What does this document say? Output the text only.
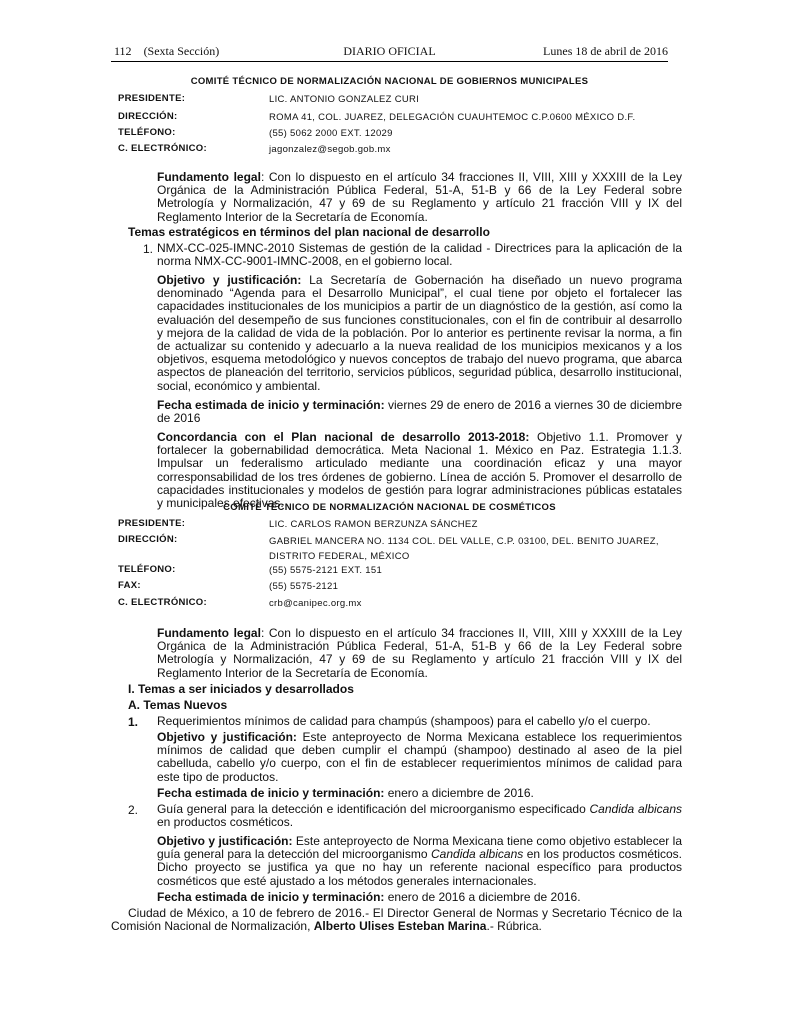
112 (Sexta Sección)	DIARIO OFICIAL	Lunes 18 de abril de 2016
COMITÉ TÉCNICO DE NORMALIZACIÓN NACIONAL DE GOBIERNOS MUNICIPALES
PRESIDENTE:	LIC. ANTONIO GONZALEZ CURI
DIRECCIÓN:	ROMA 41, COL. JUAREZ, DELEGACIÓN CUAUHTEMOC C.P.0600 MÉXICO D.F.
TELÉFONO:	(55) 5062 2000 EXT. 12029
C. ELECTRÓNICO:	jagonzalez@segob.gob.mx
Fundamento legal: Con lo dispuesto en el artículo 34 fracciones II, VIII, XIII y XXXIII de la Ley Orgánica de la Administración Pública Federal, 51-A, 51-B y 66 de la Ley Federal sobre Metrología y Normalización, 47 y 69 de su Reglamento y artículo 21 fracción VIII y IX del Reglamento Interior de la Secretaría de Economía.
Temas estratégicos en términos del plan nacional de desarrollo
1. NMX-CC-025-IMNC-2010 Sistemas de gestión de la calidad - Directrices para la aplicación de la norma NMX-CC-9001-IMNC-2008, en el gobierno local.
Objetivo y justificación: La Secretaría de Gobernación ha diseñado un nuevo programa denominado “Agenda para el Desarrollo Municipal”, el cual tiene por objeto el fortalecer las capacidades institucionales de los municipios a partir de un diagnóstico de la gestión, así como la evaluación del desempeño de sus funciones constitucionales, con el fin de contribuir al desarrollo y mejora de la calidad de vida de la población. Por lo anterior es pertinente revisar la norma, a fin de actualizar su contenido y adecuarlo a la nueva realidad de los municipios mexicanos y a los objetivos, esquema metodológico y nuevos conceptos de trabajo del nuevo programa, que abarca aspectos de planeación del territorio, servicios públicos, seguridad pública, desarrollo institucional, social, económico y ambiental.
Fecha estimada de inicio y terminación: viernes 29 de enero de 2016 a viernes 30 de diciembre de 2016
Concordancia con el Plan nacional de desarrollo 2013-2018: Objetivo 1.1. Promover y fortalecer la gobernabilidad democrática. Meta Nacional 1. México en Paz. Estrategia 1.1.3. Impulsar un federalismo articulado mediante una coordinación eficaz y una mayor corresponsabilidad de los tres órdenes de gobierno. Línea de acción 5. Promover el desarrollo de capacidades institucionales y modelos de gestión para lograr administraciones públicas estatales y municipales efectivas.
COMITÉ TÉCNICO DE NORMALIZACIÓN NACIONAL DE COSMÉTICOS
PRESIDENTE:	LIC. CARLOS RAMON BERZUNZA SÁNCHEZ
DIRECCIÓN:	GABRIEL MANCERA NO. 1134 COL. DEL VALLE, C.P. 03100, DEL. BENITO JUAREZ, DISTRITO FEDERAL, MÉXICO
TELÉFONO:	(55) 5575-2121 EXT. 151
FAX:	(55) 5575-2121
C. ELECTRÓNICO:	crb@canipec.org.mx
Fundamento legal: Con lo dispuesto en el artículo 34 fracciones II, VIII, XIII y XXXIII de la Ley Orgánica de la Administración Pública Federal, 51-A, 51-B y 66 de la Ley Federal sobre Metrología y Normalización, 47 y 69 de su Reglamento y artículo 21 fracción VIII y IX del Reglamento Interior de la Secretaría de Economía.
I. Temas a ser iniciados y desarrollados
A. Temas Nuevos
1. Requerimientos mínimos de calidad para champús (shampoos) para el cabello y/o el cuerpo.
Objetivo y justificación: Este anteproyecto de Norma Mexicana establece los requerimientos mínimos de calidad que deben cumplir el champú (shampoo) destinado al aseo de la piel cabelluda, cabello y/o cuerpo, con el fin de establecer requerimientos mínimos de calidad para este tipo de productos.
Fecha estimada de inicio y terminación: enero a diciembre de 2016.
2. Guía general para la detección e identificación del microorganismo especificado Candida albicans en productos cosméticos.
Objetivo y justificación: Este anteproyecto de Norma Mexicana tiene como objetivo establecer la guía general para la detección del microorganismo Candida albicans en los productos cosméticos. Dicho proyecto se justifica ya que no hay un referente nacional específico para productos cosméticos que esté ajustado a los métodos generales internacionales.
Fecha estimada de inicio y terminación: enero de 2016 a diciembre de 2016.
Ciudad de México, a 10 de febrero de 2016.- El Director General de Normas y Secretario Técnico de la Comisión Nacional de Normalización, Alberto Ulises Esteban Marina.- Rúbrica.
